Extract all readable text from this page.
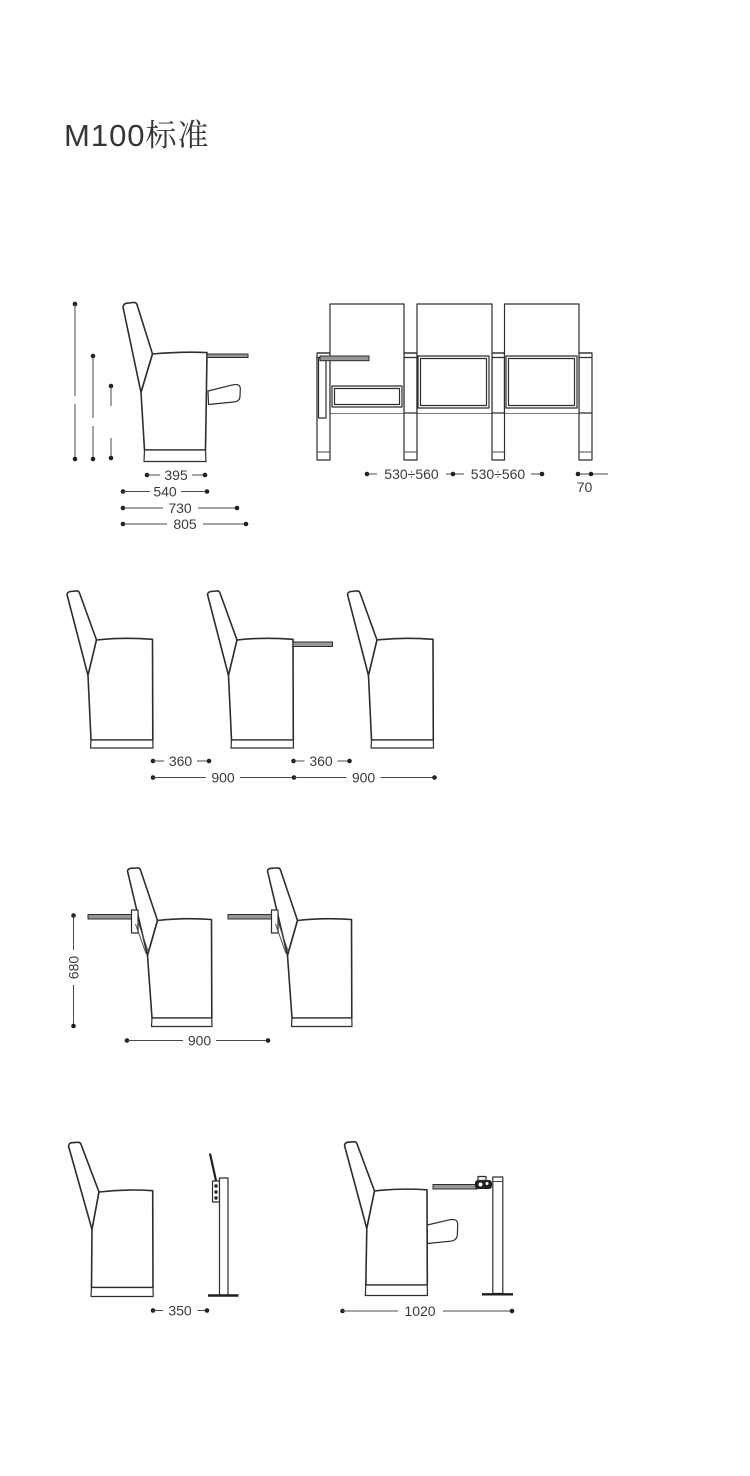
M100标准
395
540
730
805
530÷560 530÷560
70
360	360
900	900
680
900
350	1020
